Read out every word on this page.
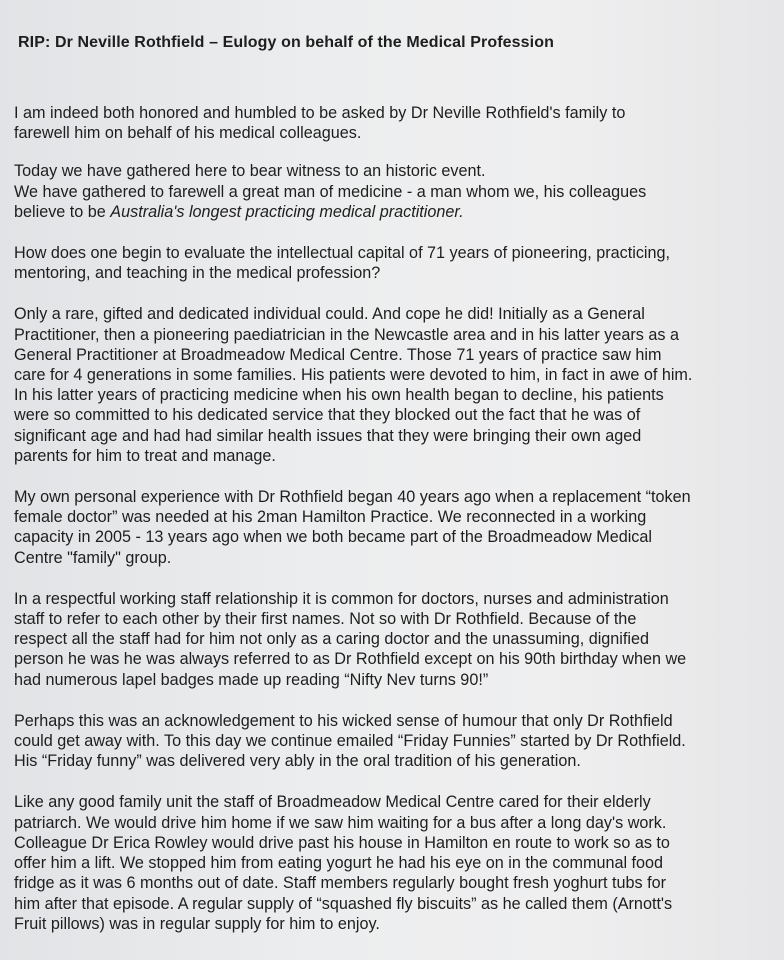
RIP: Dr Neville Rothfield – Eulogy on behalf of the Medical Profession

I am indeed both honored and humbled to be asked by Dr Neville Rothfield's family to
farewell him on behalf of his medical colleagues.

Today we have gathered here to bear witness to an historic event.
We have gathered to farewell a great man of medicine - a man whom we, his colleagues
believe to be Australia's longest practicing medical practitioner.

How does one begin to evaluate the intellectual capital of 71 years of pioneering, practicing,
mentoring, and teaching in the medical profession?

Only a rare, gifted and dedicated individual could. And cope he did! Initially as a General
Practitioner, then a pioneering paediatrician in the Newcastle area and in his latter years as a
General Practitioner at Broadmeadow Medical Centre. Those 71 years of practice saw him
care for 4 generations in some families. His patients were devoted to him, in fact in awe of him.
In his latter years of practicing medicine when his own health began to decline, his patients
were so committed to his dedicated service that they blocked out the fact that he was of
significant age and had had similar health issues that they were bringing their own aged
parents for him to treat and manage.

My own personal experience with Dr Rothfield began 40 years ago when a replacement “token
female doctor” was needed at his 2man Hamilton Practice. We reconnected in a working
capacity in 2005 - 13 years ago when we both became part of the Broadmeadow Medical
Centre "family" group.

In a respectful working staff relationship it is common for doctors, nurses and administration
staff to refer to each other by their first names. Not so with Dr Rothfield. Because of the
respect all the staff had for him not only as a caring doctor and the unassuming, dignified
person he was he was always referred to as Dr Rothfield except on his 90th birthday when we
had numerous lapel badges made up reading “Nifty Nev turns 90!”

Perhaps this was an acknowledgement to his wicked sense of humour that only Dr Rothfield
could get away with. To this day we continue emailed “Friday Funnies” started by Dr Rothfield.
His “Friday funny” was delivered very ably in the oral tradition of his generation.

Like any good family unit the staff of Broadmeadow Medical Centre cared for their elderly
patriarch. We would drive him home if we saw him waiting for a bus after a long day's work.
Colleague Dr Erica Rowley would drive past his house in Hamilton en route to work so as to
offer him a lift. We stopped him from eating yogurt he had his eye on in the communal food
fridge as it was 6 months out of date. Staff members regularly bought fresh yoghurt tubs for
him after that episode. A regular supply of “squashed fly biscuits” as he called them (Arnott's
Fruit pillows) was in regular supply for him to enjoy.
